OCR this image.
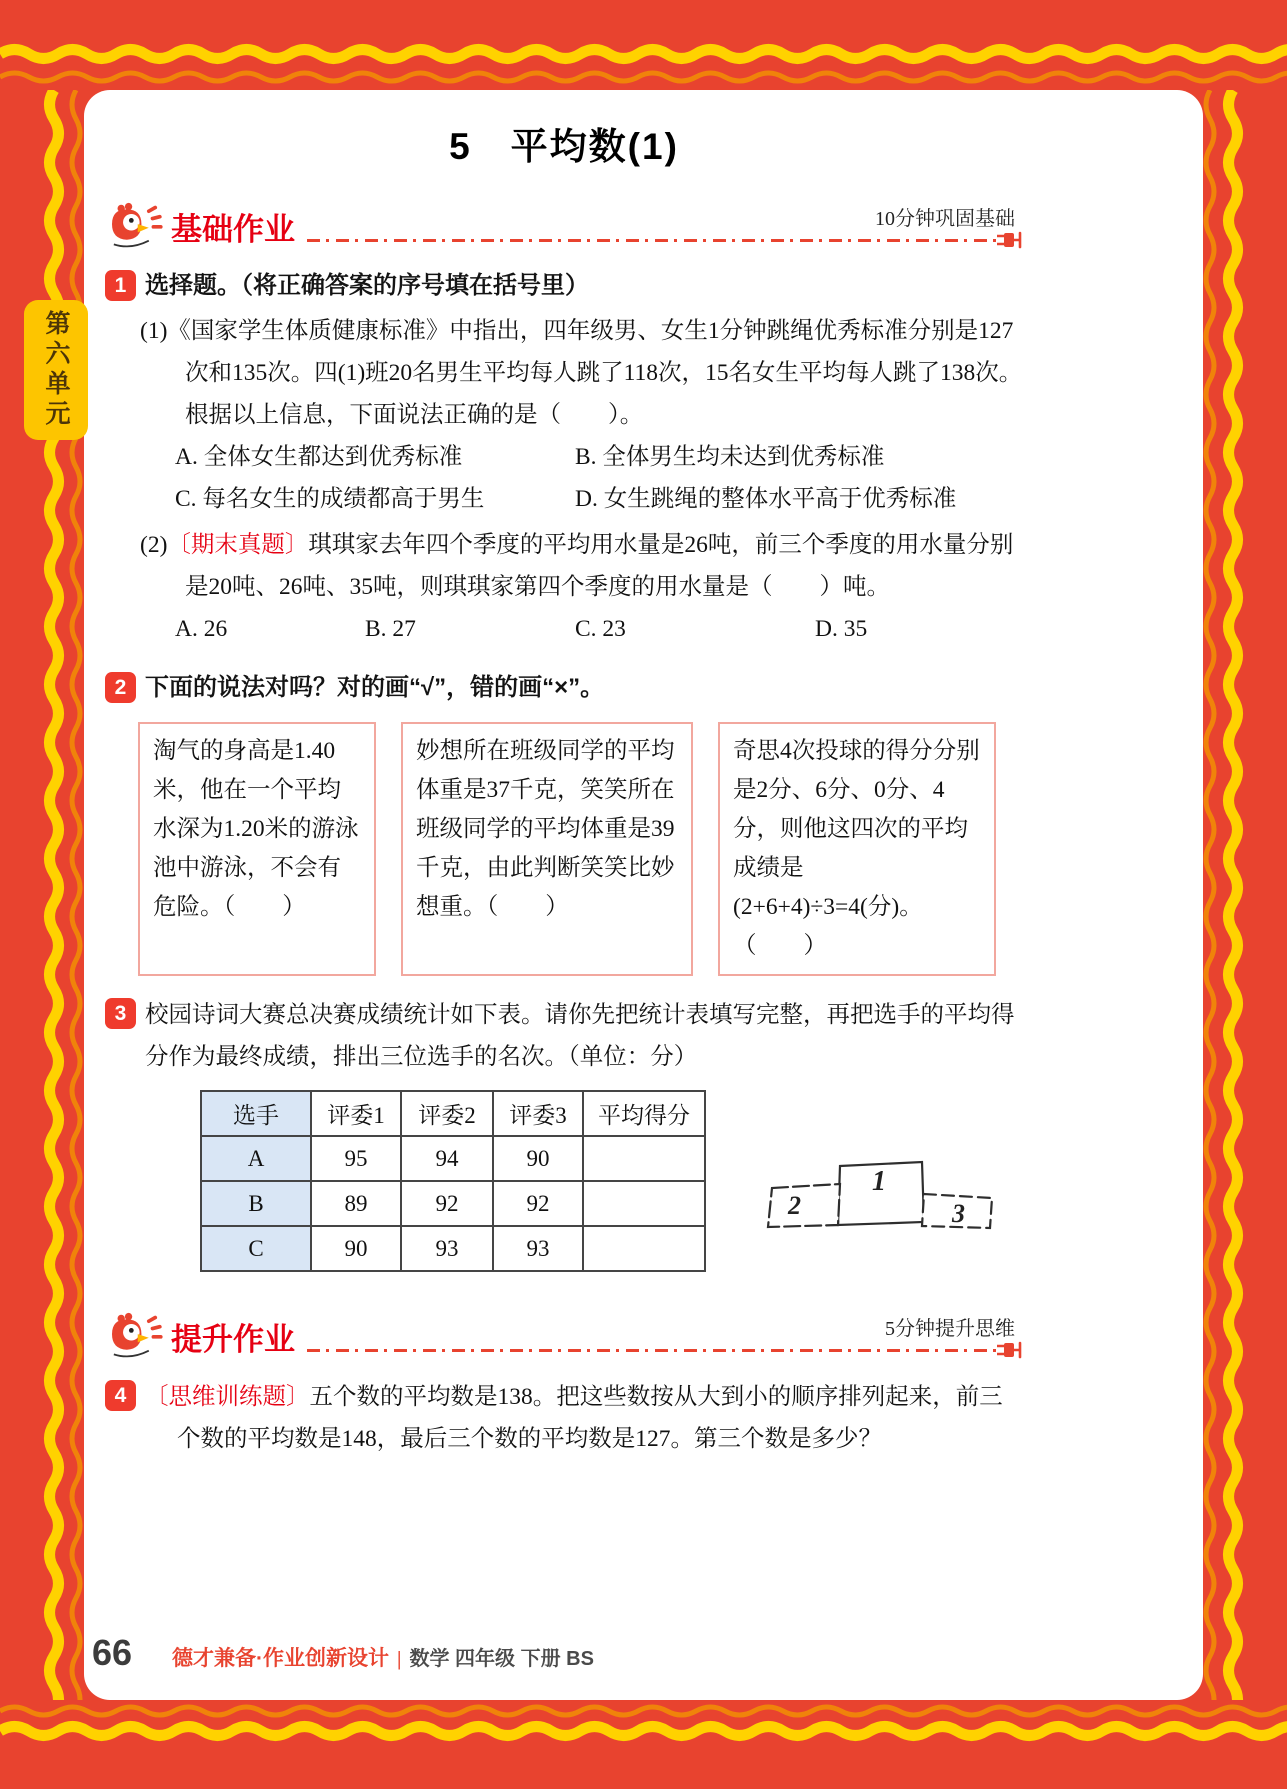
5　平均数(1)
基础作业	10分钟巩固基础
1 选择题。（将正确答案的序号填在括号里）

(1)《国家学生体质健康标准》中指出，四年级男、女生1分钟跳绳优秀标准分别是127次和135次。四(1)班20名男生平均每人跳了118次，15名女生平均每人跳了138次。根据以上信息，下面说法正确的是（　　）。

A. 全体女生都达到优秀标准	B. 全体男生均未达到优秀标准
C. 每名女生的成绩都高于男生	D. 女生跳绳的整体水平高于优秀标准

(2)〔期末真题〕琪琪家去年四个季度的平均用水量是26吨，前三个季度的用水量分别是20吨、26吨、35吨，则琪琪家第四个季度的用水量是（　　）吨。

A. 26	B. 27	C. 23	D. 35
2 下面的说法对吗？对的画“√”，错的画“×”。
淘气的身高是1.40米，他在一个平均水深为1.20米的游泳池中游泳，不会有危险。（　　）
妙想所在班级同学的平均体重是37千克，笑笑所在班级同学的平均体重是39千克，由此判断笑笑比妙想重。（　　）
奇思4次投球的得分分别是2分、6分、0分、4分，则他这四次的平均成绩是(2+6+4)÷3=4(分)。（　　）
3 校园诗词大赛总决赛成绩统计如下表。请你先把统计表填写完整，再把选手的平均得分作为最终成绩，排出三位选手的名次。（单位：分）
选手	评委1	评委2	评委3	平均得分
A	95	94	90	
B	89	92	92	
C	90	93	93	
1
2	3
提升作业	5分钟提升思维
4 〔思维训练题〕五个数的平均数是138。把这些数按从大到小的顺序排列起来，前三个数的平均数是148，最后三个数的平均数是127。第三个数是多少？
66 德才兼备·作业创新设计 | 数学 四年级 下册 BS
第六单元
